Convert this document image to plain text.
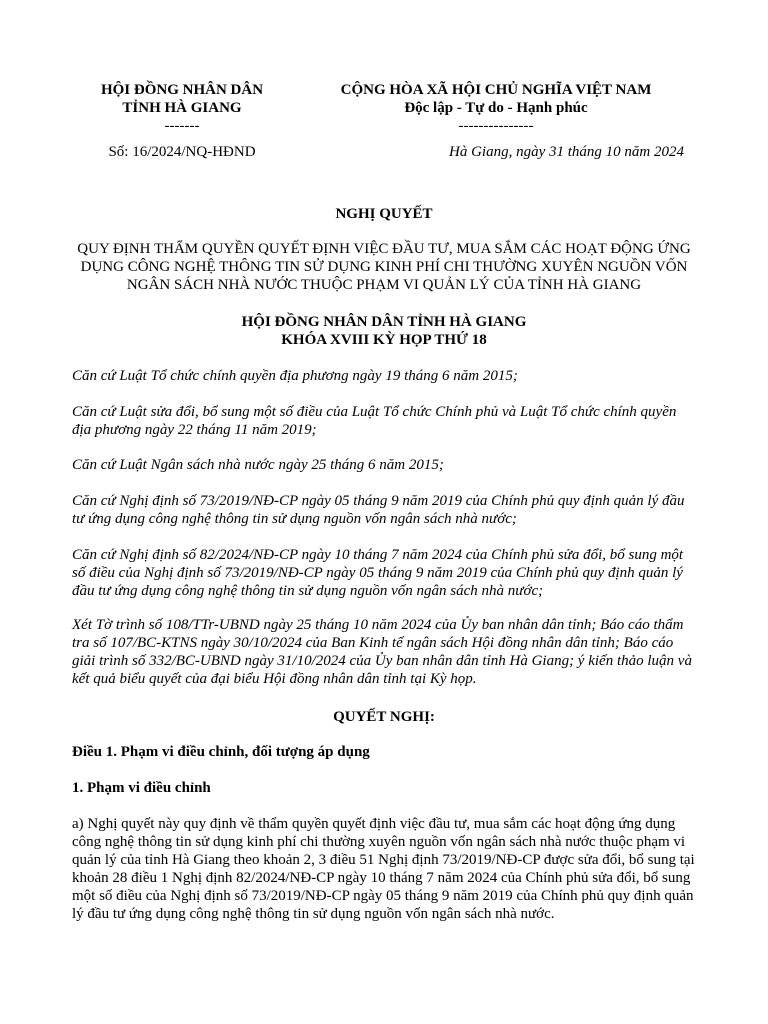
HỘI ĐỒNG NHÂN DÂN
TỈNH HÀ GIANG
-------
CỘNG HÒA XÃ HỘI CHỦ NGHĨA VIỆT NAM
Độc lập - Tự do - Hạnh phúc
---------------
Số: 16/2024/NQ-HĐND	Hà Giang, ngày 31 tháng 10 năm 2024
NGHỊ QUYẾT
QUY ĐỊNH THẨM QUYỀN QUYẾT ĐỊNH VIỆC ĐẦU TƯ, MUA SẮM CÁC HOẠT ĐỘNG ỨNG
DỤNG CÔNG NGHỆ THÔNG TIN SỬ DỤNG KINH PHÍ CHI THƯỜNG XUYÊN NGUỒN VỐN
NGÂN SÁCH NHÀ NƯỚC THUỘC PHẠM VI QUẢN LÝ CỦA TỈNH HÀ GIANG
HỘI ĐỒNG NHÂN DÂN TỈNH HÀ GIANG
KHÓA XVIII KỲ HỌP THỨ 18
Căn cứ Luật Tổ chức chính quyền địa phương ngày 19 tháng 6 năm 2015;
Căn cứ Luật sửa đổi, bổ sung một số điều của Luật Tổ chức Chính phủ và Luật Tổ chức chính quyền
địa phương ngày 22 tháng 11 năm 2019;
Căn cứ Luật Ngân sách nhà nước ngày 25 tháng 6 năm 2015;
Căn cứ Nghị định số 73/2019/NĐ-CP ngày 05 tháng 9 năm 2019 của Chính phủ quy định quản lý đầu
tư ứng dụng công nghệ thông tin sử dụng nguồn vốn ngân sách nhà nước;
Căn cứ Nghị định số 82/2024/NĐ-CP ngày 10 tháng 7 năm 2024 của Chính phủ sửa đổi, bổ sung một
số điều của Nghị định số 73/2019/NĐ-CP ngày 05 tháng 9 năm 2019 của Chính phủ quy định quản lý
đầu tư ứng dụng công nghệ thông tin sử dụng nguồn vốn ngân sách nhà nước;
Xét Tờ trình số 108/TTr-UBND ngày 25 tháng 10 năm 2024 của Ủy ban nhân dân tỉnh; Báo cáo thẩm
tra số 107/BC-KTNS ngày 30/10/2024 của Ban Kinh tế ngân sách Hội đồng nhân dân tỉnh; Báo cáo
giải trình số 332/BC-UBND ngày 31/10/2024 của Ủy ban nhân dân tỉnh Hà Giang; ý kiến thảo luận và
kết quả biểu quyết của đại biểu Hội đồng nhân dân tỉnh tại Kỳ họp.
QUYẾT NGHỊ:
Điều 1. Phạm vi điều chỉnh, đối tượng áp dụng
1. Phạm vi điều chỉnh
a) Nghị quyết này quy định về thẩm quyền quyết định việc đầu tư, mua sắm các hoạt động ứng dụng
công nghệ thông tin sử dụng kinh phí chi thường xuyên nguồn vốn ngân sách nhà nước thuộc phạm vi
quản lý của tỉnh Hà Giang theo khoản 2, 3 điều 51 Nghị định 73/2019/NĐ-CP được sửa đổi, bổ sung tại
khoản 28 điều 1 Nghị định 82/2024/NĐ-CP ngày 10 tháng 7 năm 2024 của Chính phủ sửa đổi, bổ sung
một số điều của Nghị định số 73/2019/NĐ-CP ngày 05 tháng 9 năm 2019 của Chính phủ quy định quản
lý đầu tư ứng dụng công nghệ thông tin sử dụng nguồn vốn ngân sách nhà nước.
